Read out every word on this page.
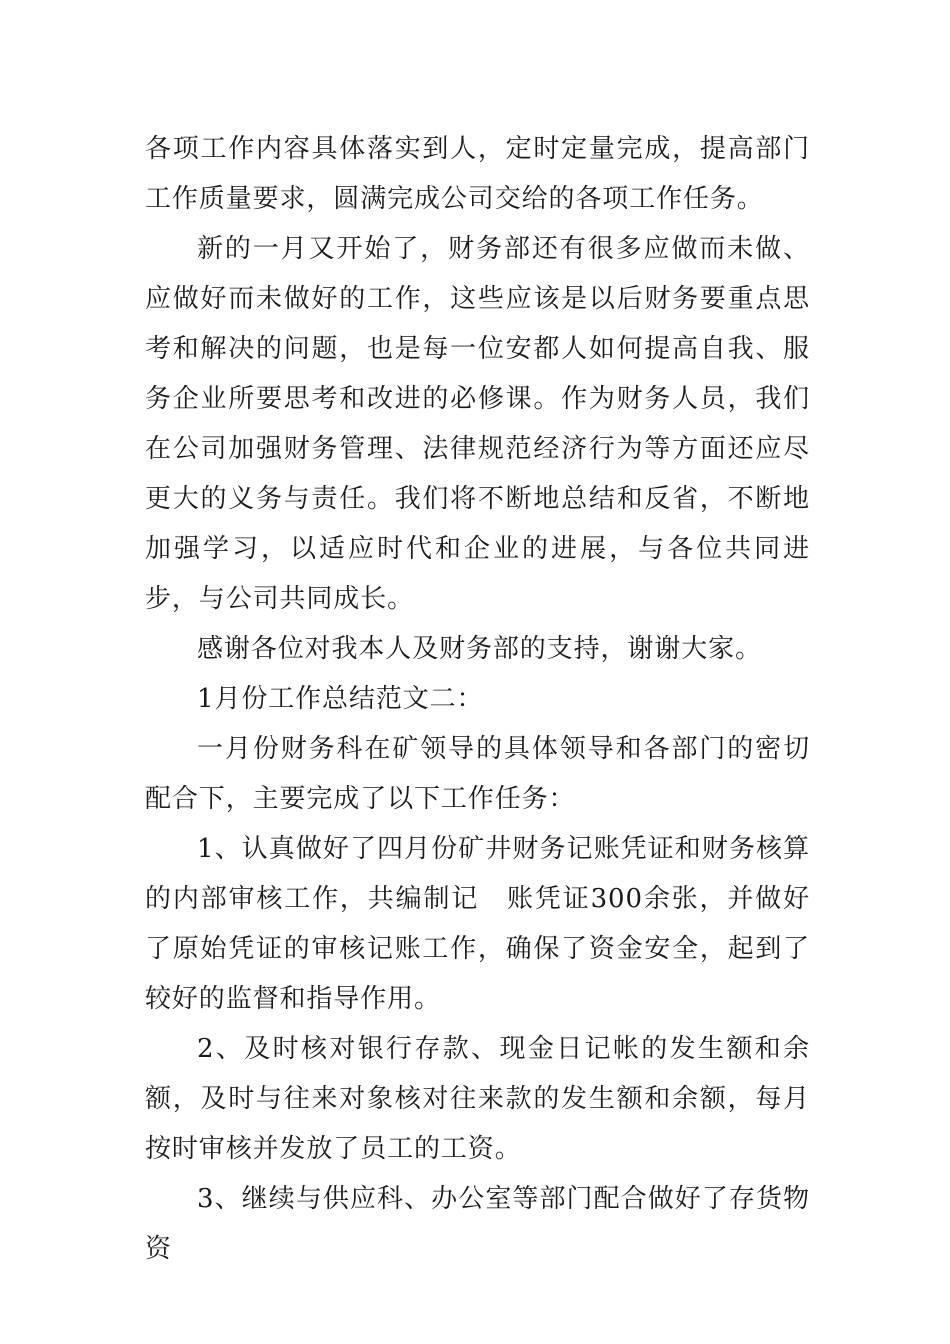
各项工作内容具体落实到人，定时定量完成，提高部门工作质量要求，圆满完成公司交给的各项工作任务。

新的一月又开始了，财务部还有很多应做而未做、应做好而未做好的工作，这些应该是以后财务要重点思考和解决的问题，也是每一位安都人如何提高自我、服务企业所要思考和改进的必修课。作为财务人员，我们在公司加强财务管理、法律规范经济行为等方面还应尽更大的义务与责任。我们将不断地总结和反省，不断地加强学习，以适应时代和企业的进展，与各位共同进步，与公司共同成长。

感谢各位对我本人及财务部的支持，谢谢大家。

1月份工作总结范文二：

一月份财务科在矿领导的具体领导和各部门的密切配合下，主要完成了以下工作任务：

1、认真做好了四月份矿井财务记账凭证和财务核算的内部审核工作，共编制记　账凭证300余张，并做好了原始凭证的审核记账工作，确保了资金安全，起到了较好的监督和指导作用。

2、及时核对银行存款、现金日记帐的发生额和余额，及时与往来对象核对往来款的发生额和余额，每月按时审核并发放了员工的工资。

3、继续与供应科、办公室等部门配合做好了存货物资
